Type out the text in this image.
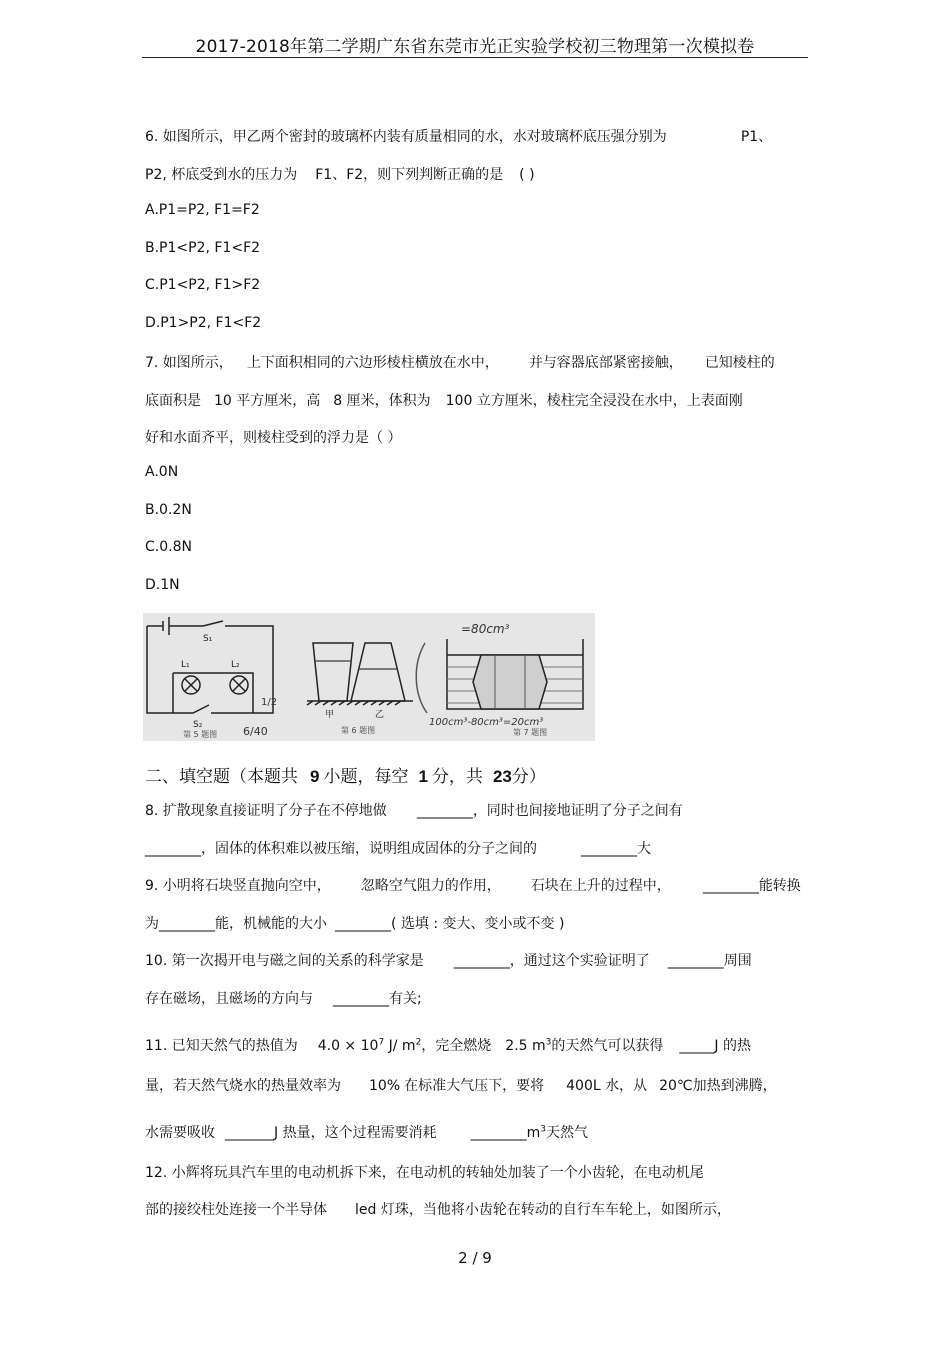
2017-2018年第二学期广东省东莞市光正实验学校初三物理第一次模拟卷
6. 如图所示，甲乙两个密封的玻璃杯内装有质量相同的水，水对玻璃杯底压强分别为	P1、
P2, 杯底受到水的压力为 F1、F2，则下列判断正确的是 ( )
A.P1=P2, F1=F2
B.P1<P2, F1<F2
C.P1<P2, F1>F2
D.P1>P2, F1<F2
7. 如图所示， 上下面积相同的六边形棱柱横放在水中， 并与容器底部紧密接触， 已知棱柱的
底面积是 10 平方厘米，高 8 厘米，体积为 100 立方厘米，棱柱完全浸没在水中，上表面刚
好和水面齐平，则棱柱受到的浮力是（ ）
A.0N
B.0.2N
C.0.8N
D.1N
S₁
L₁	L₂
S₂
第 5 题图
1/2
6/40
甲	乙
第 6 题图
=80cm³
100cm³-80cm³=20cm³
第 7 题图
二、填空题（本题共 9 小题，每空 1 分，共 23分）
8. 扩散现象直接证明了分子在不停地做 ________，同时也间接地证明了分子之间有
________，固体的体积难以被压缩，说明组成固体的分子之间的	________大
9. 小明将石块竖直抛向空中， 忽略空气阻力的作用， 石块在上升的过程中， ________能转换
为________能，机械能的大小 ________( 选填 : 变大、变小或不变 )
10. 第一次揭开电与磁之间的关系的科学家是 ________，通过这个实验证明了 ________周围
存在磁场，且磁场的方向与 ________有关;
11. 已知天然气的热值为 $4.0 \times 10^7$ J/ $m^2$，完全燃烧 2.5 $m^3$的天然气可以获得 _____J 的热
量，若天然气烧水的热量效率为 10% 在标准大气压下，要将 400L 水，从 20℃加热到沸腾，
水需要吸收 _______J 热量，这个过程需要消耗 $\_\_\_\_\_\_\_\_m^3$天然气
12. 小辉将玩具汽车里的电动机拆下来，在电动机的转轴处加装了一个小齿轮，在电动机尾
部的接绞柱处连接一个半导体 led 灯珠，当他将小齿轮在转动的自行车车轮上，如图所示，
2 / 9
